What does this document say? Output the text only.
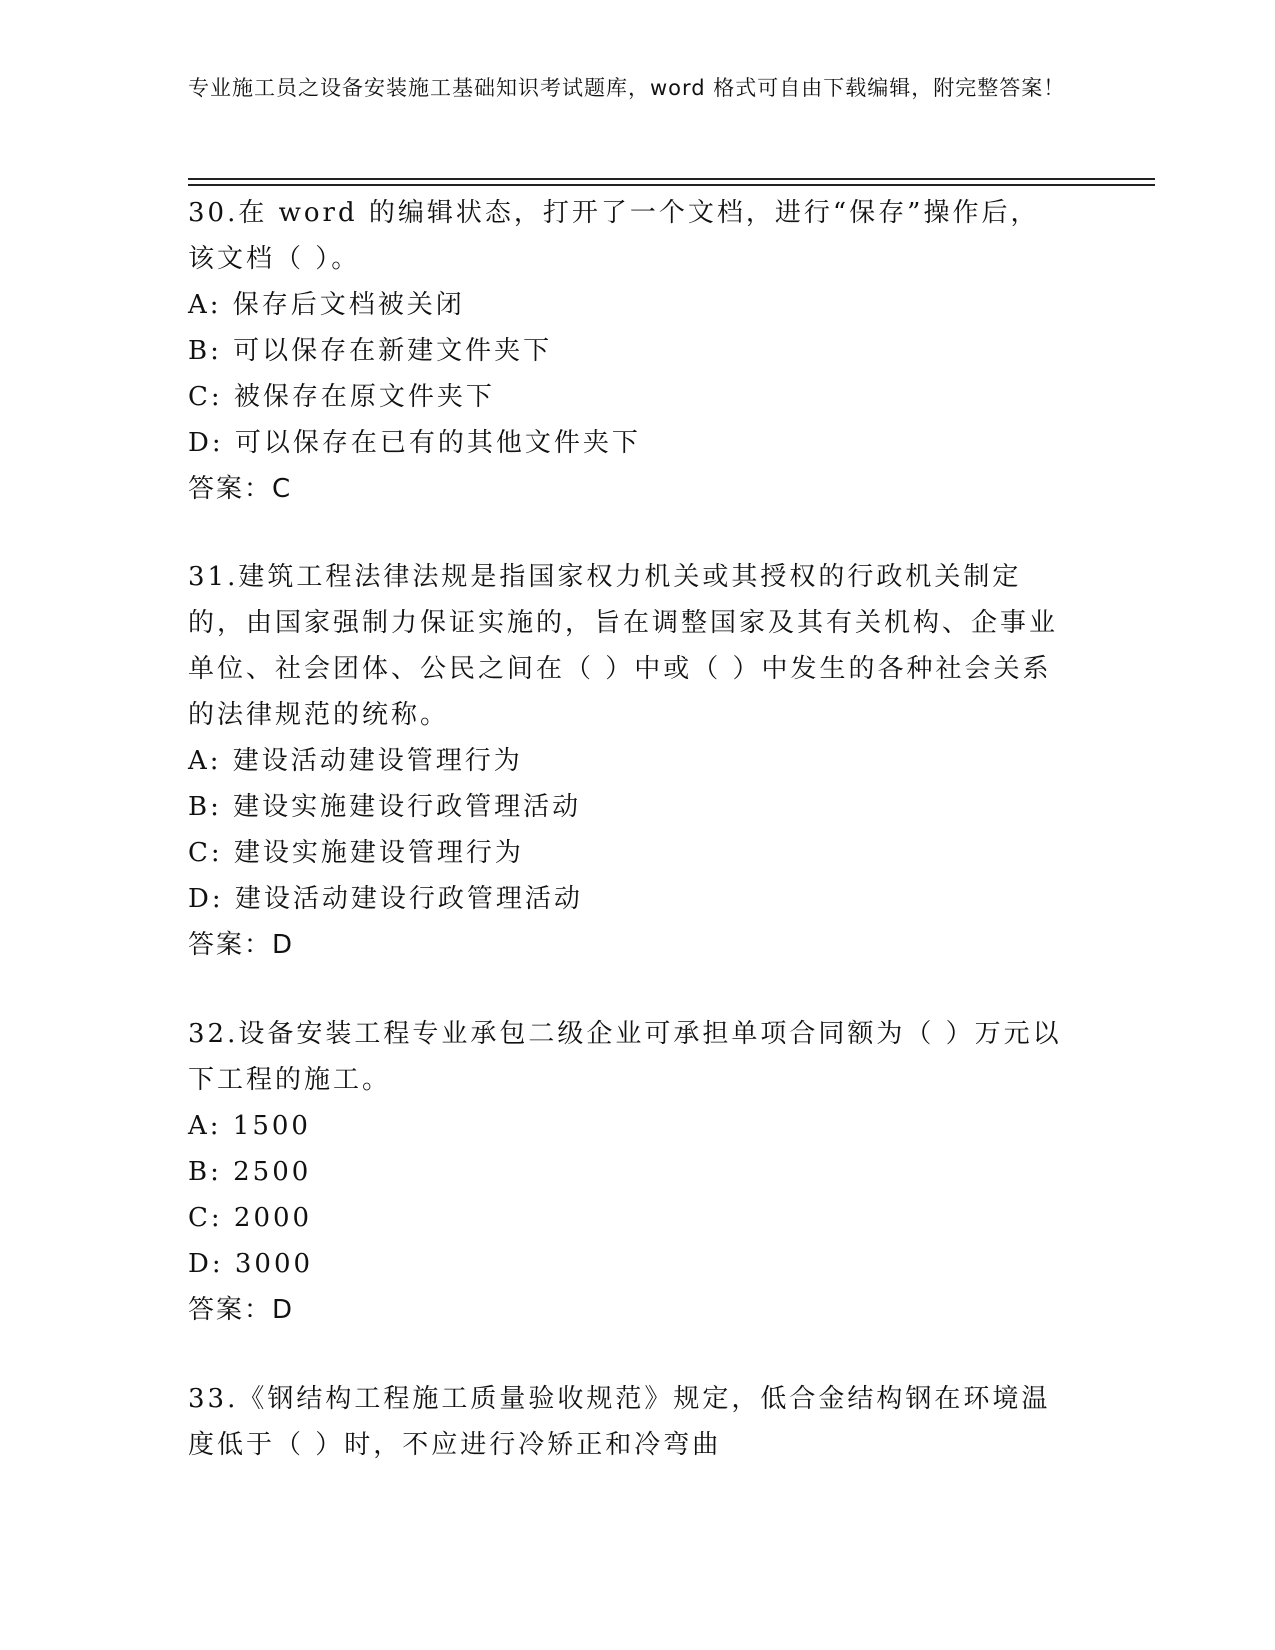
专业施工员之设备安装施工基础知识考试题库，word 格式可自由下载编辑，附完整答案！

30.在 word 的编辑状态，打开了一个文档，进行“保存”操作后，该文档（ ）。

A: 保存后文档被关闭

B: 可以保存在新建文件夹下

C: 被保存在原文件夹下

D: 可以保存在已有的其他文件夹下

答案：C

31.建筑工程法律法规是指国家权力机关或其授权的行政机关制定的，由国家强制力保证实施的，旨在调整国家及其有关机构、企事业单位、社会团体、公民之间在（ ）中或（ ）中发生的各种社会关系的法律规范的统称。

A: 建设活动建设管理行为

B: 建设实施建设行政管理活动

C: 建设实施建设管理行为

D: 建设活动建设行政管理活动

答案：D

32.设备安装工程专业承包二级企业可承担单项合同额为（ ）万元以下工程的施工。

A: 1500

B: 2500

C: 2000

D: 3000

答案：D

33.《钢结构工程施工质量验收规范》规定，低合金结构钢在环境温度低于（ ）时，不应进行冷矫正和冷弯曲
